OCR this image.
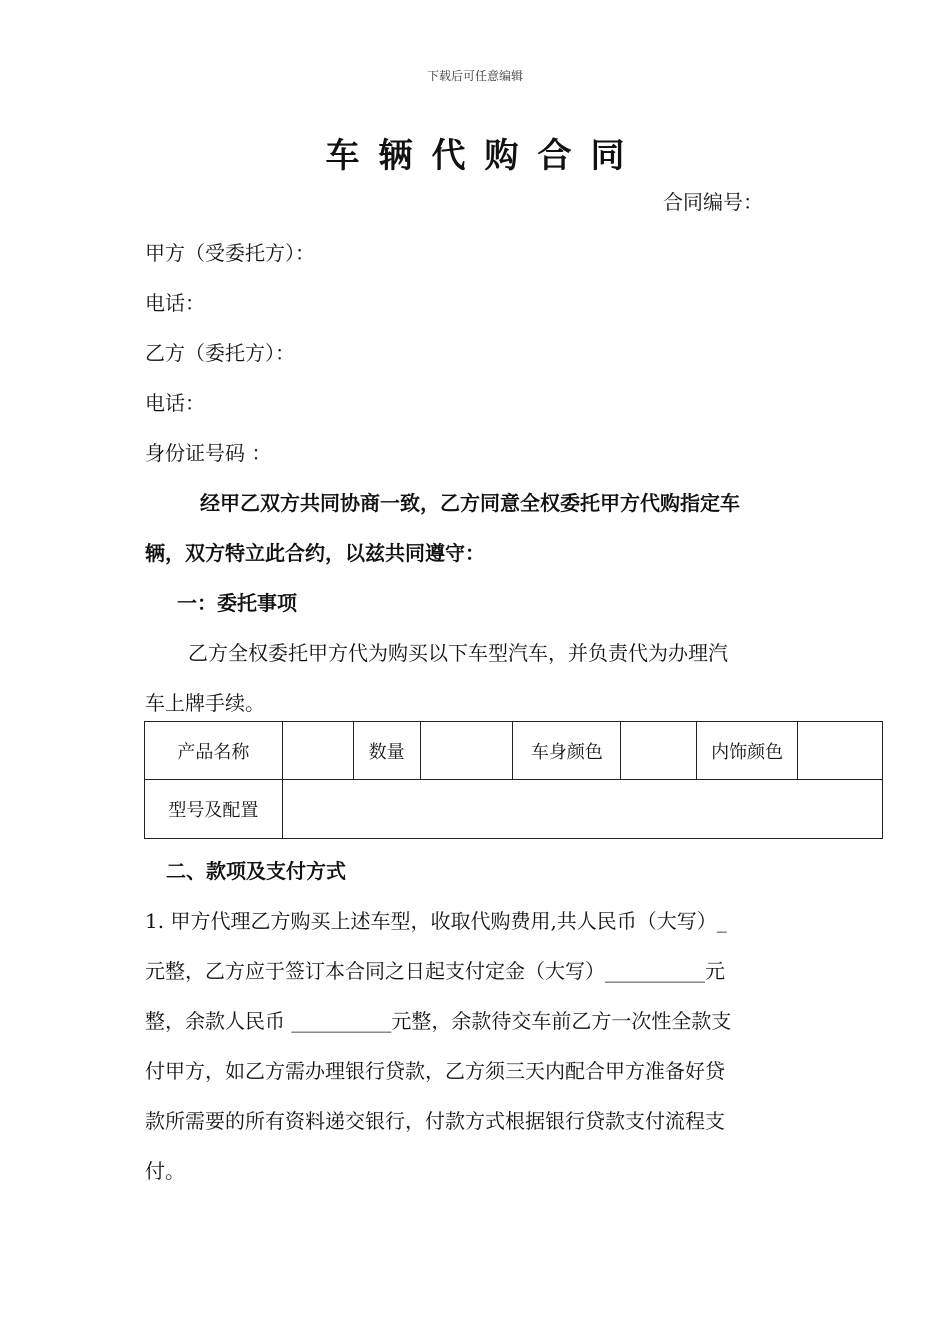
下载后可任意编辑
车辆代购合同
合同编号：
甲方（受委托方）：
电话：
乙方（委托方）：
电话：
身份证号码 ：
经甲乙双方共同协商一致，乙方同意全权委托甲方代购指定车
辆，双方特立此合约，以兹共同遵守：
一：委托事项
乙方全权委托甲方代为购买以下车型汽车，并负责代为办理汽
车上牌手续。
产品名称		数量		车身颜色		内饰颜色	
型号及配置							
二、款项及支付方式
1. 甲方代理乙方购买上述车型，收取代购费用,共人民币（大写）_
元整，乙方应于签订本合同之日起支付定金（大写）__________元
整，余款人民币 __________元整，余款待交车前乙方一次性全款支
付甲方，如乙方需办理银行贷款，乙方须三天内配合甲方准备好贷
款所需要的所有资料递交银行，付款方式根据银行贷款支付流程支
付。
